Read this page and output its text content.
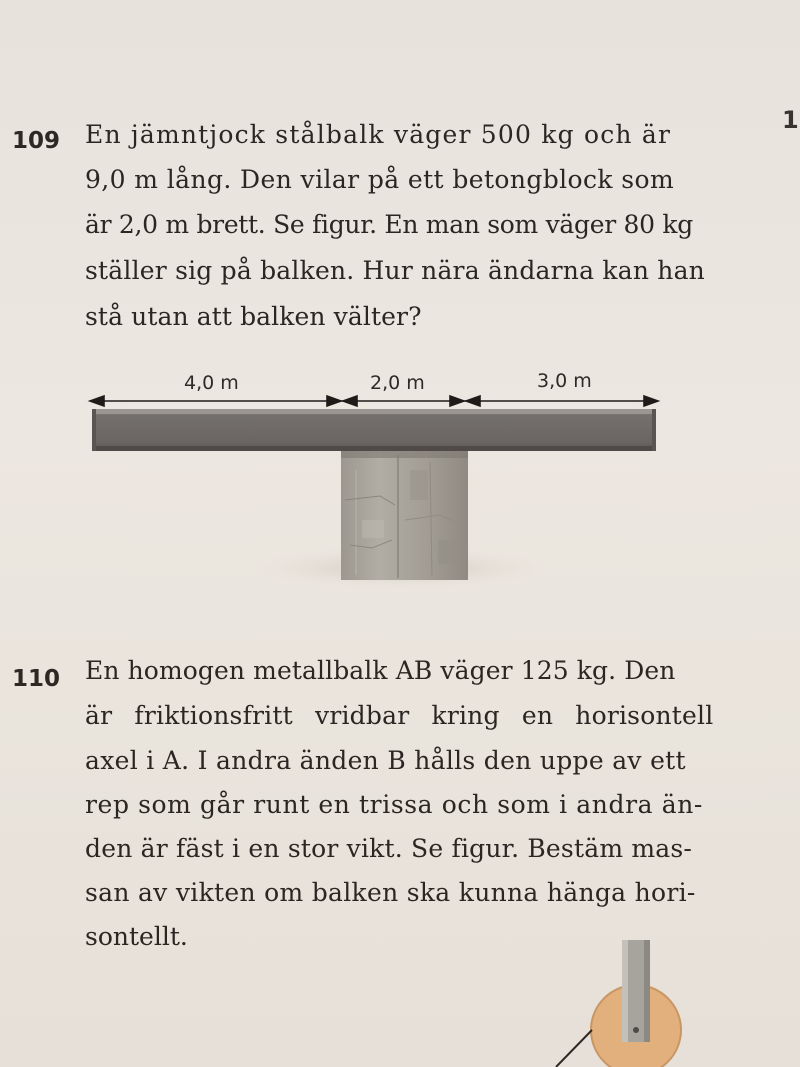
1
109 En jämntjock stålbalk väger 500 kg och är
9,0 m lång. Den vilar på ett betongblock som
är 2,0 m brett. Se figur. En man som väger 80 kg
ställer sig på balken. Hur nära ändarna kan han
stå utan att balken välter?
4,0 m	2,0 m	3,0 m
110 En homogen metallbalk AB väger 125 kg. Den
är friktionsfritt vridbar kring en horisontell
axel i A. I andra änden B hålls den uppe av ett
rep som går runt en trissa och som i andra än-
den är fäst i en stor vikt. Se figur. Bestäm mas-
san av vikten om balken ska kunna hänga hori-
sontellt.
